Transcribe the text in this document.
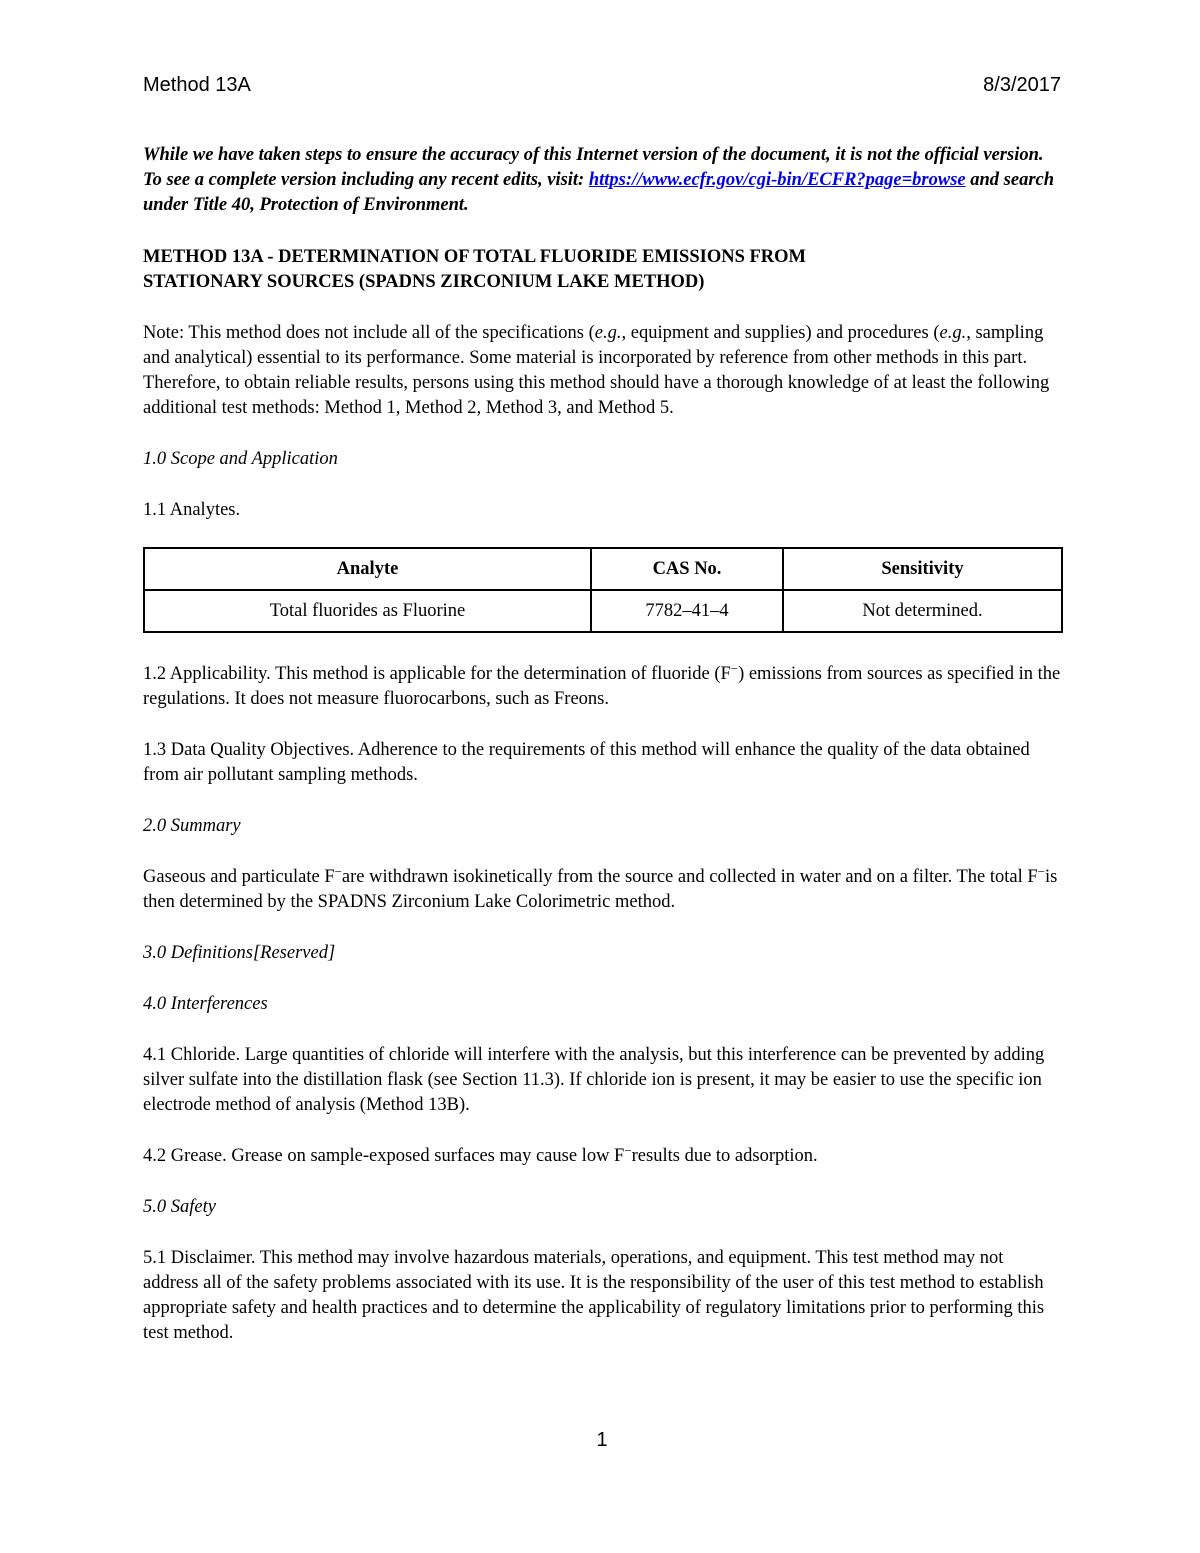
Method 13A	8/3/2017

While we have taken steps to ensure the accuracy of this Internet version of the document, it is not the official version. To see a complete version including any recent edits, visit: https://www.ecfr.gov/cgi-bin/ECFR?page=browse and search under Title 40, Protection of Environment.

METHOD 13A - DETERMINATION OF TOTAL FLUORIDE EMISSIONS FROM
STATIONARY SOURCES (SPADNS ZIRCONIUM LAKE METHOD)

Note: This method does not include all of the specifications (e.g., equipment and supplies) and procedures (e.g., sampling and analytical) essential to its performance. Some material is incorporated by reference from other methods in this part. Therefore, to obtain reliable results, persons using this method should have a thorough knowledge of at least the following additional test methods: Method 1, Method 2, Method 3, and Method 5.

1.0 Scope and Application

1.1 Analytes.

Analyte	CAS No.	Sensitivity
Total fluorides as Fluorine	7782–41–4	Not determined.

1.2 Applicability. This method is applicable for the determination of fluoride (F−) emissions from sources as specified in the regulations. It does not measure fluorocarbons, such as Freons.

1.3 Data Quality Objectives. Adherence to the requirements of this method will enhance the quality of the data obtained from air pollutant sampling methods.

2.0 Summary

Gaseous and particulate F−are withdrawn isokinetically from the source and collected in water and on a filter. The total F−is then determined by the SPADNS Zirconium Lake Colorimetric method.

3.0 Definitions[Reserved]

4.0 Interferences

4.1 Chloride. Large quantities of chloride will interfere with the analysis, but this interference can be prevented by adding silver sulfate into the distillation flask (see Section 11.3). If chloride ion is present, it may be easier to use the specific ion electrode method of analysis (Method 13B).

4.2 Grease. Grease on sample-exposed surfaces may cause low F−results due to adsorption.

5.0 Safety

5.1 Disclaimer. This method may involve hazardous materials, operations, and equipment. This test method may not address all of the safety problems associated with its use. It is the responsibility of the user of this test method to establish appropriate safety and health practices and to determine the applicability of regulatory limitations prior to performing this test method.

1
